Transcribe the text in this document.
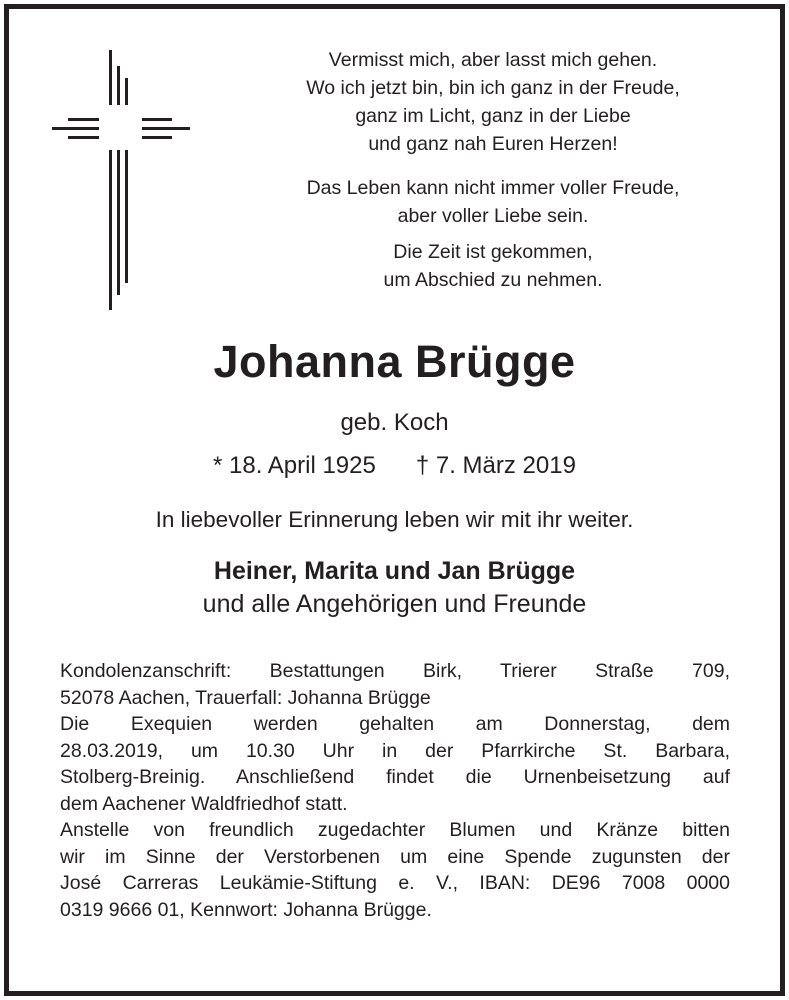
Vermisst mich, aber lasst mich gehen.
Wo ich jetzt bin, bin ich ganz in der Freude,
ganz im Licht, ganz in der Liebe
und ganz nah Euren Herzen!
Das Leben kann nicht immer voller Freude,
aber voller Liebe sein.
Die Zeit ist gekommen,
um Abschied zu nehmen.
Johanna Brügge
geb. Koch
* 18. April 1925      † 7. März 2019
In liebevoller Erinnerung leben wir mit ihr weiter.
Heiner, Marita und Jan Brügge
und alle Angehörigen und Freunde
Kondolenzanschrift: Bestattungen Birk, Trierer Straße 709,
52078 Aachen, Trauerfall: Johanna Brügge
Die Exequien werden gehalten am Donnerstag, dem
28.03.2019, um 10.30 Uhr in der Pfarrkirche St. Barbara,
Stolberg-Breinig. Anschließend findet die Urnenbeisetzung auf
dem Aachener Waldfriedhof statt.
Anstelle von freundlich zugedachter Blumen und Kränze bitten
wir im Sinne der Verstorbenen um eine Spende zugunsten der
José Carreras Leukämie-Stiftung e. V., IBAN: DE96 7008 0000
0319 9666 01, Kennwort: Johanna Brügge.
